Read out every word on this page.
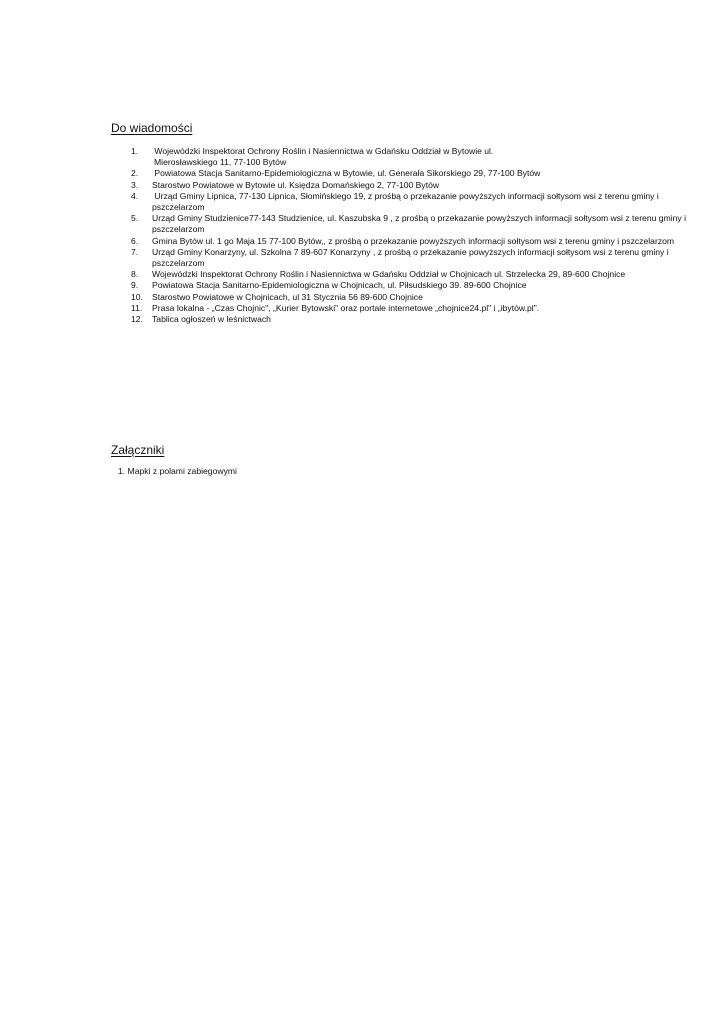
Do wiadomości
1. Wojewódzki Inspektorat Ochrony Roślin i Nasiennictwa w Gdańsku Oddział w Bytowie ul.
Mierosławskiego 11, 77-100 Bytów
2. Powiatowa Stacja Sanitarno-Epidemiologiczna w Bytowie, ul. Generała Sikorskiego 29, 77-100 Bytów
3. Starostwo Powiatowe w Bytowie ul. Księdza Domańskiego 2, 77-100 Bytów
4.	Urząd Gminy Lipnica, 77-130 Lipnica, Słomińskiego 19, z prośbą o przekazanie powyższych informacji sołtysom wsi z terenu gminy i pszczelarzom
5. Urząd Gminy Studzienice77-143 Studzienice, ul. Kaszubska 9 , z prośbą o przekazanie powyższych informacji sołtysom wsi z terenu gminy i pszczelarzom
6. Gmina Bytów ul. 1 go Maja 15 77-100 Bytów,, z prośbą o przekazanie powyższych informacji sołtysom wsi z terenu gminy i pszczelarzom
7. Urząd Gminy Konarzyny, ul. Szkolna 7 89-607 Konarzyny , z prośbą o przekazanie powyższych informacji sołtysom wsi z terenu gminy i pszczelarzom
8. Wojewódzki Inspektorat Ochrony Roślin i Nasiennictwa w Gdańsku Oddział w Chojnicach ul. Strzelecka 29, 89-600 Chojnice
9. Powiatowa Stacja Sanitarno-Epidemiologiczna w Chojnicach, ul. Piłsudskiego 39. 89-600 Chojnice
10. Starostwo Powiatowe w Chojnicach, ul 31 Stycznia 56 89-600 Chojnice
11. Prasa lokalna - „Czas Chojnic", „Kurier Bytowski" oraz portale internetowe „chojnice24.pl" i „ibytów.pl".
12. Tablica ogłoszeń w leśnictwach
Załączniki
1. Mapki z polami zabiegowymi
